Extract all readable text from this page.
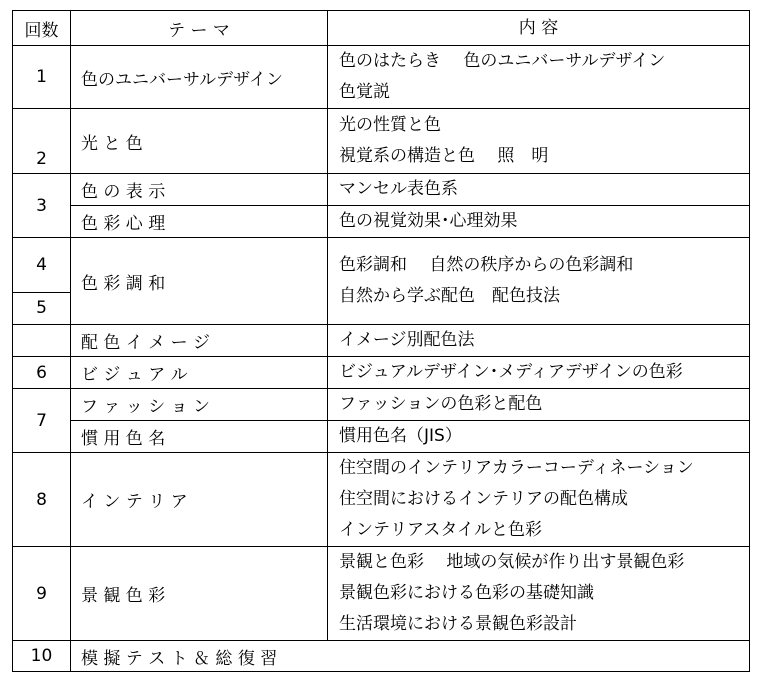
回数	テ ー マ	内 容
1	色のユニバーサルデザイン	色のはたらき　 色のユニバーサルデザイン
色覚説

2	光 と 色	光の性質と色
視覚系の構造と色　 照　明

3	色 の 表 示	マンセル表色系

	色 彩 心 理	色の視覚効果･心理効果

4
5	色 彩 調 和	色彩調和　 自然の秩序からの色彩調和
自然から学ぶ配色　配色技法

	配 色 イ メ ー ジ	イメージ別配色法

6	ビ ジ ュ ア ル	ビジュアルデザイン･メディアデザインの色彩

7	フ ァ ッ シ ョ ン	ファッションの色彩と配色

	慣 用 色 名	慣用色名（JIS）

8	イ ン テ リ ア	住空間のインテリアカラーコーディネーション
住空間におけるインテリアの配色構成
インテリアスタイルと色彩

9	景 観 色 彩	景観と色彩　 地域の気候が作り出す景観色彩
景観色彩における色彩の基礎知識
生活環境における景観色彩設計

10	模 擬 テ ス ト ＆ 総 復 習	
